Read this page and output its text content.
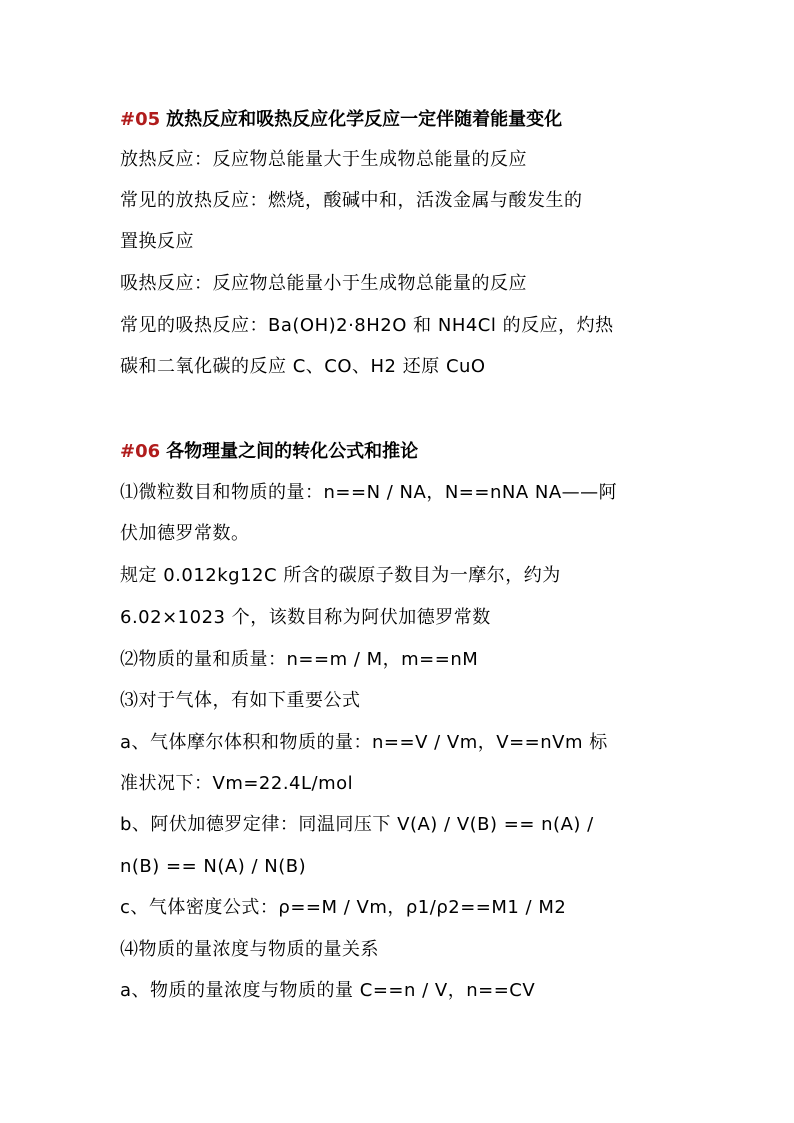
#05 放热反应和吸热反应化学反应一定伴随着能量变化
放热反应：反应物总能量大于生成物总能量的反应
常见的放热反应：燃烧，酸碱中和，活泼金属与酸发生的
置换反应
吸热反应：反应物总能量小于生成物总能量的反应
常见的吸热反应：Ba(OH)2·8H2O 和 NH4Cl 的反应，灼热
碳和二氧化碳的反应 C、CO、H2 还原 CuO
#06 各物理量之间的转化公式和推论
⑴微粒数目和物质的量：n==N / NA，N==nNA NA——阿
伏加德罗常数。
规定 0.012kg12C 所含的碳原子数目为一摩尔，约为
6.02×1023 个，该数目称为阿伏加德罗常数
⑵物质的量和质量：n==m / M，m==nM
⑶对于气体，有如下重要公式
a、气体摩尔体积和物质的量：n==V / Vm，V==nVm 标
准状况下：Vm=22.4L/mol
b、阿伏加德罗定律：同温同压下 V(A) / V(B) == n(A) /
n(B) == N(A) / N(B)
c、气体密度公式：ρ==M / Vm，ρ1/ρ2==M1 / M2
⑷物质的量浓度与物质的量关系
a、物质的量浓度与物质的量 C==n / V，n==CV
